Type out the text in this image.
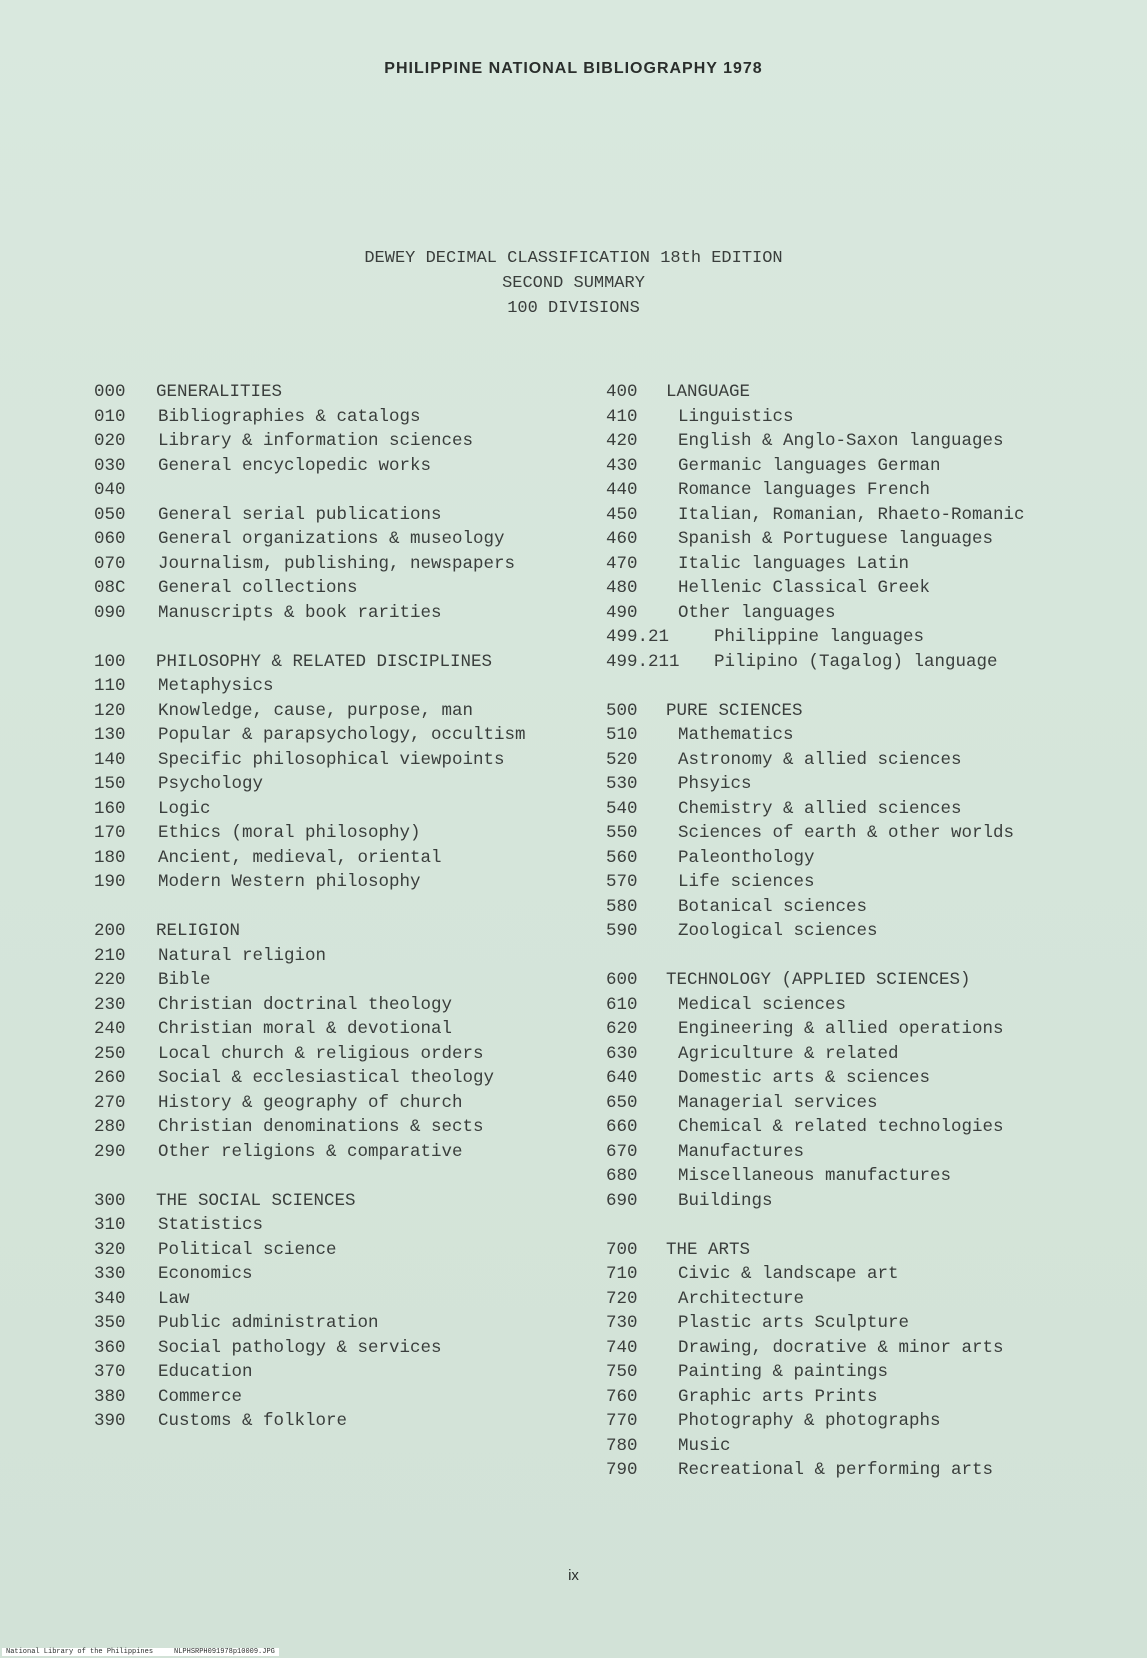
PHILIPPINE NATIONAL BIBLIOGRAPHY 1978
DEWEY DECIMAL CLASSIFICATION 18th EDITION
SECOND SUMMARY
100 DIVISIONS
000 GENERALITIES
010 Bibliographies & catalogs
020 Library & information sciences
030 General encyclopedic works
040
050 General serial publications
060 General organizations & museology
070 Journalism, publishing, newspapers
08C General collections
090 Manuscripts & book rarities
100 PHILOSOPHY & RELATED DISCIPLINES
110 Metaphysics
120 Knowledge, cause, purpose, man
130 Popular & parapsychology, occultism
140 Specific philosophical viewpoints
150 Psychology
160 Logic
170 Ethics (moral philosophy)
180 Ancient, medieval, oriental
190 Modern Western philosophy
200 RELIGION
210 Natural religion
220 Bible
230 Christian doctrinal theology
240 Christian moral & devotional
250 Local church & religious orders
260 Social & ecclesiastical theology
270 History & geography of church
280 Christian denominations & sects
290 Other religions & comparative
300 THE SOCIAL SCIENCES
310 Statistics
320 Political science
330 Economics
340 Law
350 Public administration
360 Social pathology & services
370 Education
380 Commerce
390 Customs & folklore
400 LANGUAGE
410 Linguistics
420 English & Anglo-Saxon languages
430 Germanic languages German
440 Romance languages French
450 Italian, Romanian, Rhaeto-Romanic
460 Spanish & Portuguese languages
470 Italic languages Latin
480 Hellenic Classical Greek
490 Other languages
499.21	Philippine languages
499.211 Pilipino (Tagalog) language
500 PURE SCIENCES
510 Mathematics
520 Astronomy & allied sciences
530 Phsyics
540 Chemistry & allied sciences
550 Sciences of earth & other worlds
560 Paleonthology
570 Life sciences
580 Botanical sciences
590 Zoological sciences
600 TECHNOLOGY (APPLIED SCIENCES)
610 Medical sciences
620 Engineering & allied operations
630 Agriculture & related
640 Domestic arts & sciences
650 Managerial services
660 Chemical & related technologies
670 Manufactures
680 Miscellaneous manufactures
690 Buildings
700 THE ARTS
710 Civic & landscape art
720 Architecture
730 Plastic arts Sculpture
740 Drawing, docrative & minor arts
750 Painting & paintings
760 Graphic arts Prints
770 Photography & photographs
780 Music
790 Recreational & performing arts
ix
National Library of the Philippines     NLPHSRPH091978p10009.JPG
